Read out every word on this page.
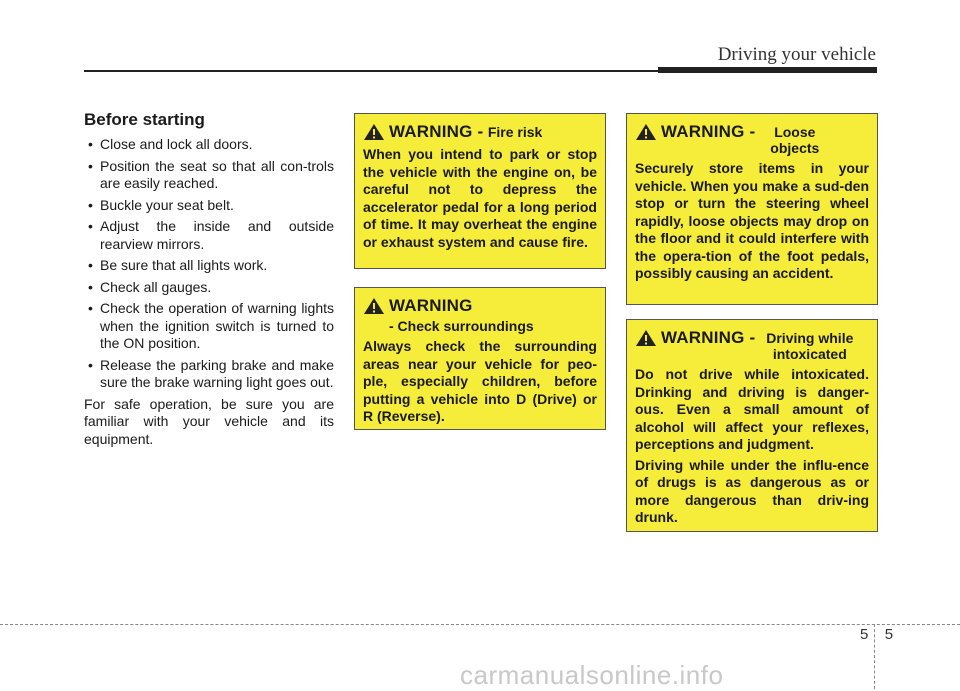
Driving your vehicle
Before starting
• Close and lock all doors.
• Position the seat so that all con-trols are easily reached.
• Buckle your seat belt.
• Adjust the inside and outside rearview mirrors.
• Be sure that all lights work.
• Check all gauges.
• Check the operation of warning lights when the ignition switch is turned to the ON position.
• Release the parking brake and make sure the brake warning light goes out.

For safe operation, be sure you are familiar with your vehicle and its equipment.

WARNING -
Fire risk

When you intend to park or stop the vehicle with the engine on, be careful not to depress the accelerator pedal for a long period of time. It may overheat the engine or exhaust system and cause fire.

WARNING
- Check surroundings

Always check the surrounding areas near your vehicle for peo-ple, especially children, before putting a vehicle into D (Drive) or R (Reverse).

WARNING -
	Loose objects

Securely store items in your vehicle. When you make a sud-den stop or turn the steering wheel rapidly, loose objects may drop on the floor and it could interfere with the opera-tion of the foot pedals, possibly causing an accident.

WARNING -
Driving while intoxicated

Do not drive while intoxicated. Drinking and driving is danger-ous. Even a small amount of alcohol will affect your reflexes, perceptions and judgment.

Driving while under the influ-ence of drugs is as dangerous as or more dangerous than driv-ing drunk.

5 5
carmanualsonline.info
